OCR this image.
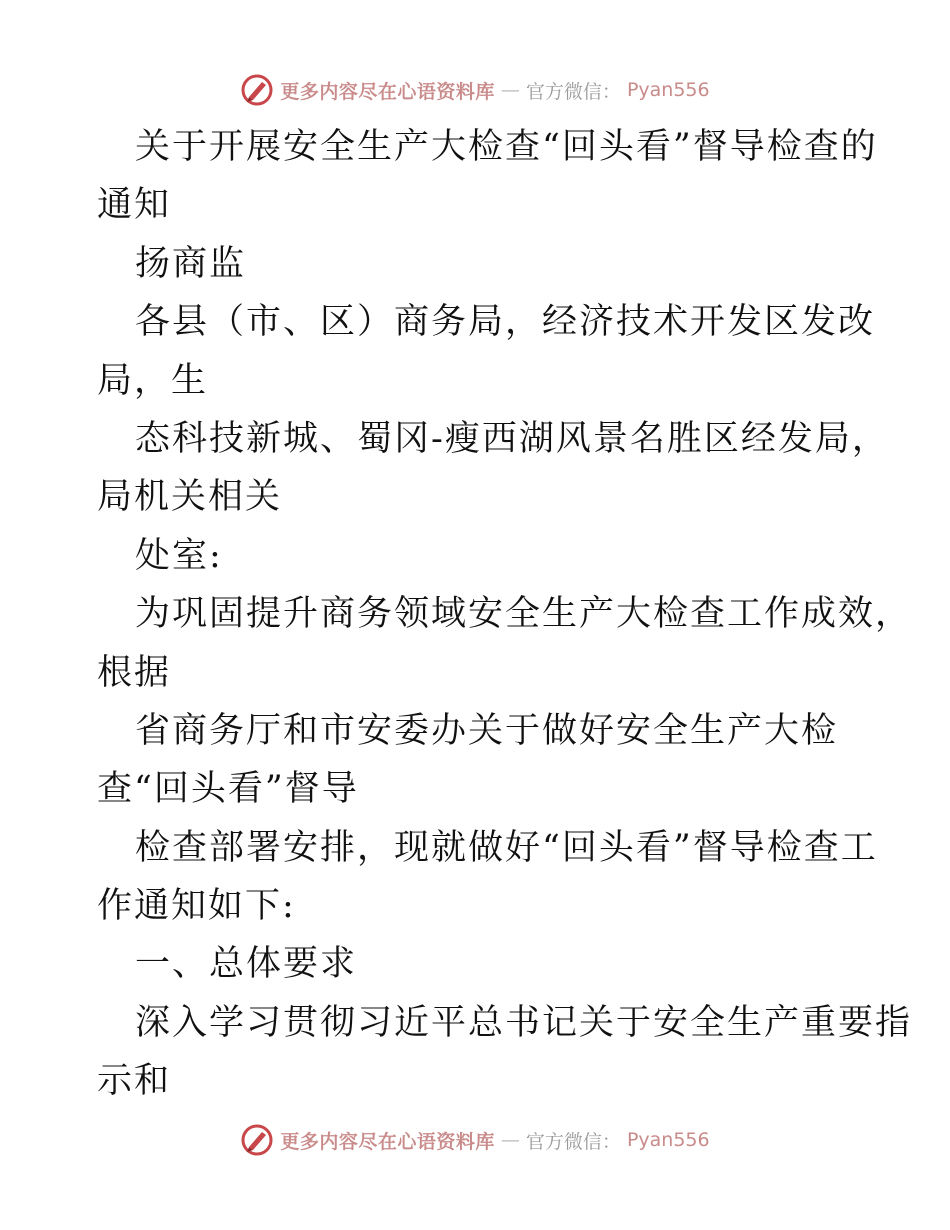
更多内容尽在心语资料库 — 官方微信： Pyan556
关于开展安全生产大检查“回头看”督导检查的
通知
扬商监
各县（市、区）商务局，经济技术开发区发改
局，生
态科技新城、蜀冈-瘦西湖风景名胜区经发局，
局机关相关
处室:
为巩固提升商务领域安全生产大检查工作成效，
根据
省商务厅和市安委办关于做好安全生产大检
查“回头看”督导
检查部署安排，现就做好“回头看”督导检查工
作通知如下:
一、总体要求
深入学习贯彻习近平总书记关于安全生产重要指
示和
更多内容尽在心语资料库 — 官方微信： Pyan556
